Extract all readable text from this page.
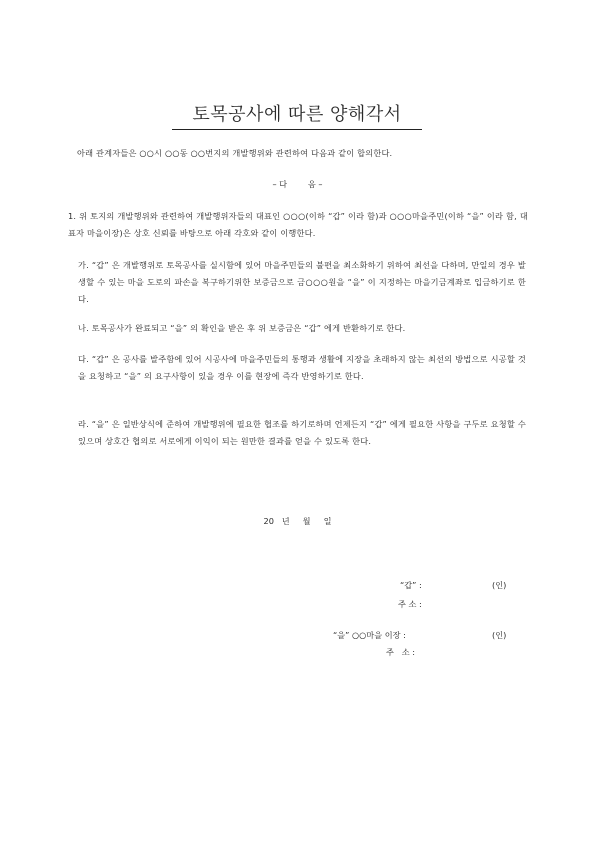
토목공사에 따른 양해각서
아래 관계자들은 ○○시 ○○동 ○○번지의 개발행위와 관련하여 다음과 같이 합의한다.
– 다        음 –
1. 위 토지의 개발행위와 관련하여 개발행위자들의 대표인 ○○○(이하 “갑” 이라 함)과 ○○○마을주민(이하 “을” 이라 함, 대표자 마을이장)은 상호 신뢰를 바탕으로 아래 각호와 같이 이행한다.
가. “갑” 은 개발행위로 토목공사를 실시함에 있어 마을주민들의 불편을 최소화하기 위하여 최선을 다하며, 만일의 경우 발생할 수 있는 마을 도로의 파손을 복구하기위한 보증금으로 금○○○원을 “을” 이 지정하는 마을기금계좌로 입금하기로 한다.
나. 토목공사가 완료되고 “을” 의 확인을 받은 후 위 보증금은 “갑” 에게 반환하기로 한다.
다. “갑” 은 공사를 발주함에 있어 시공사에 마을주민들의 통행과 생활에 지장을 초래하지 않는 최선의 방법으로 시공할 것을 요청하고 “을” 의 요구사항이 있을 경우 이를 현장에 즉각 반영하기로 한다.
라. “을” 은 일반상식에 준하여 개발행위에 필요한 협조를 하기로하며 언제든지 “갑” 에게 필요한 사항을 구두로 요청할 수 있으며 상호간 협의로 서로에게 이익이 되는 원만한 결과를 얻을 수 있도록 한다.
20   년     월     일
“갑” :	(인)
주 소 :
“을” ○○마을 이장 :	(인)
주   소 :
